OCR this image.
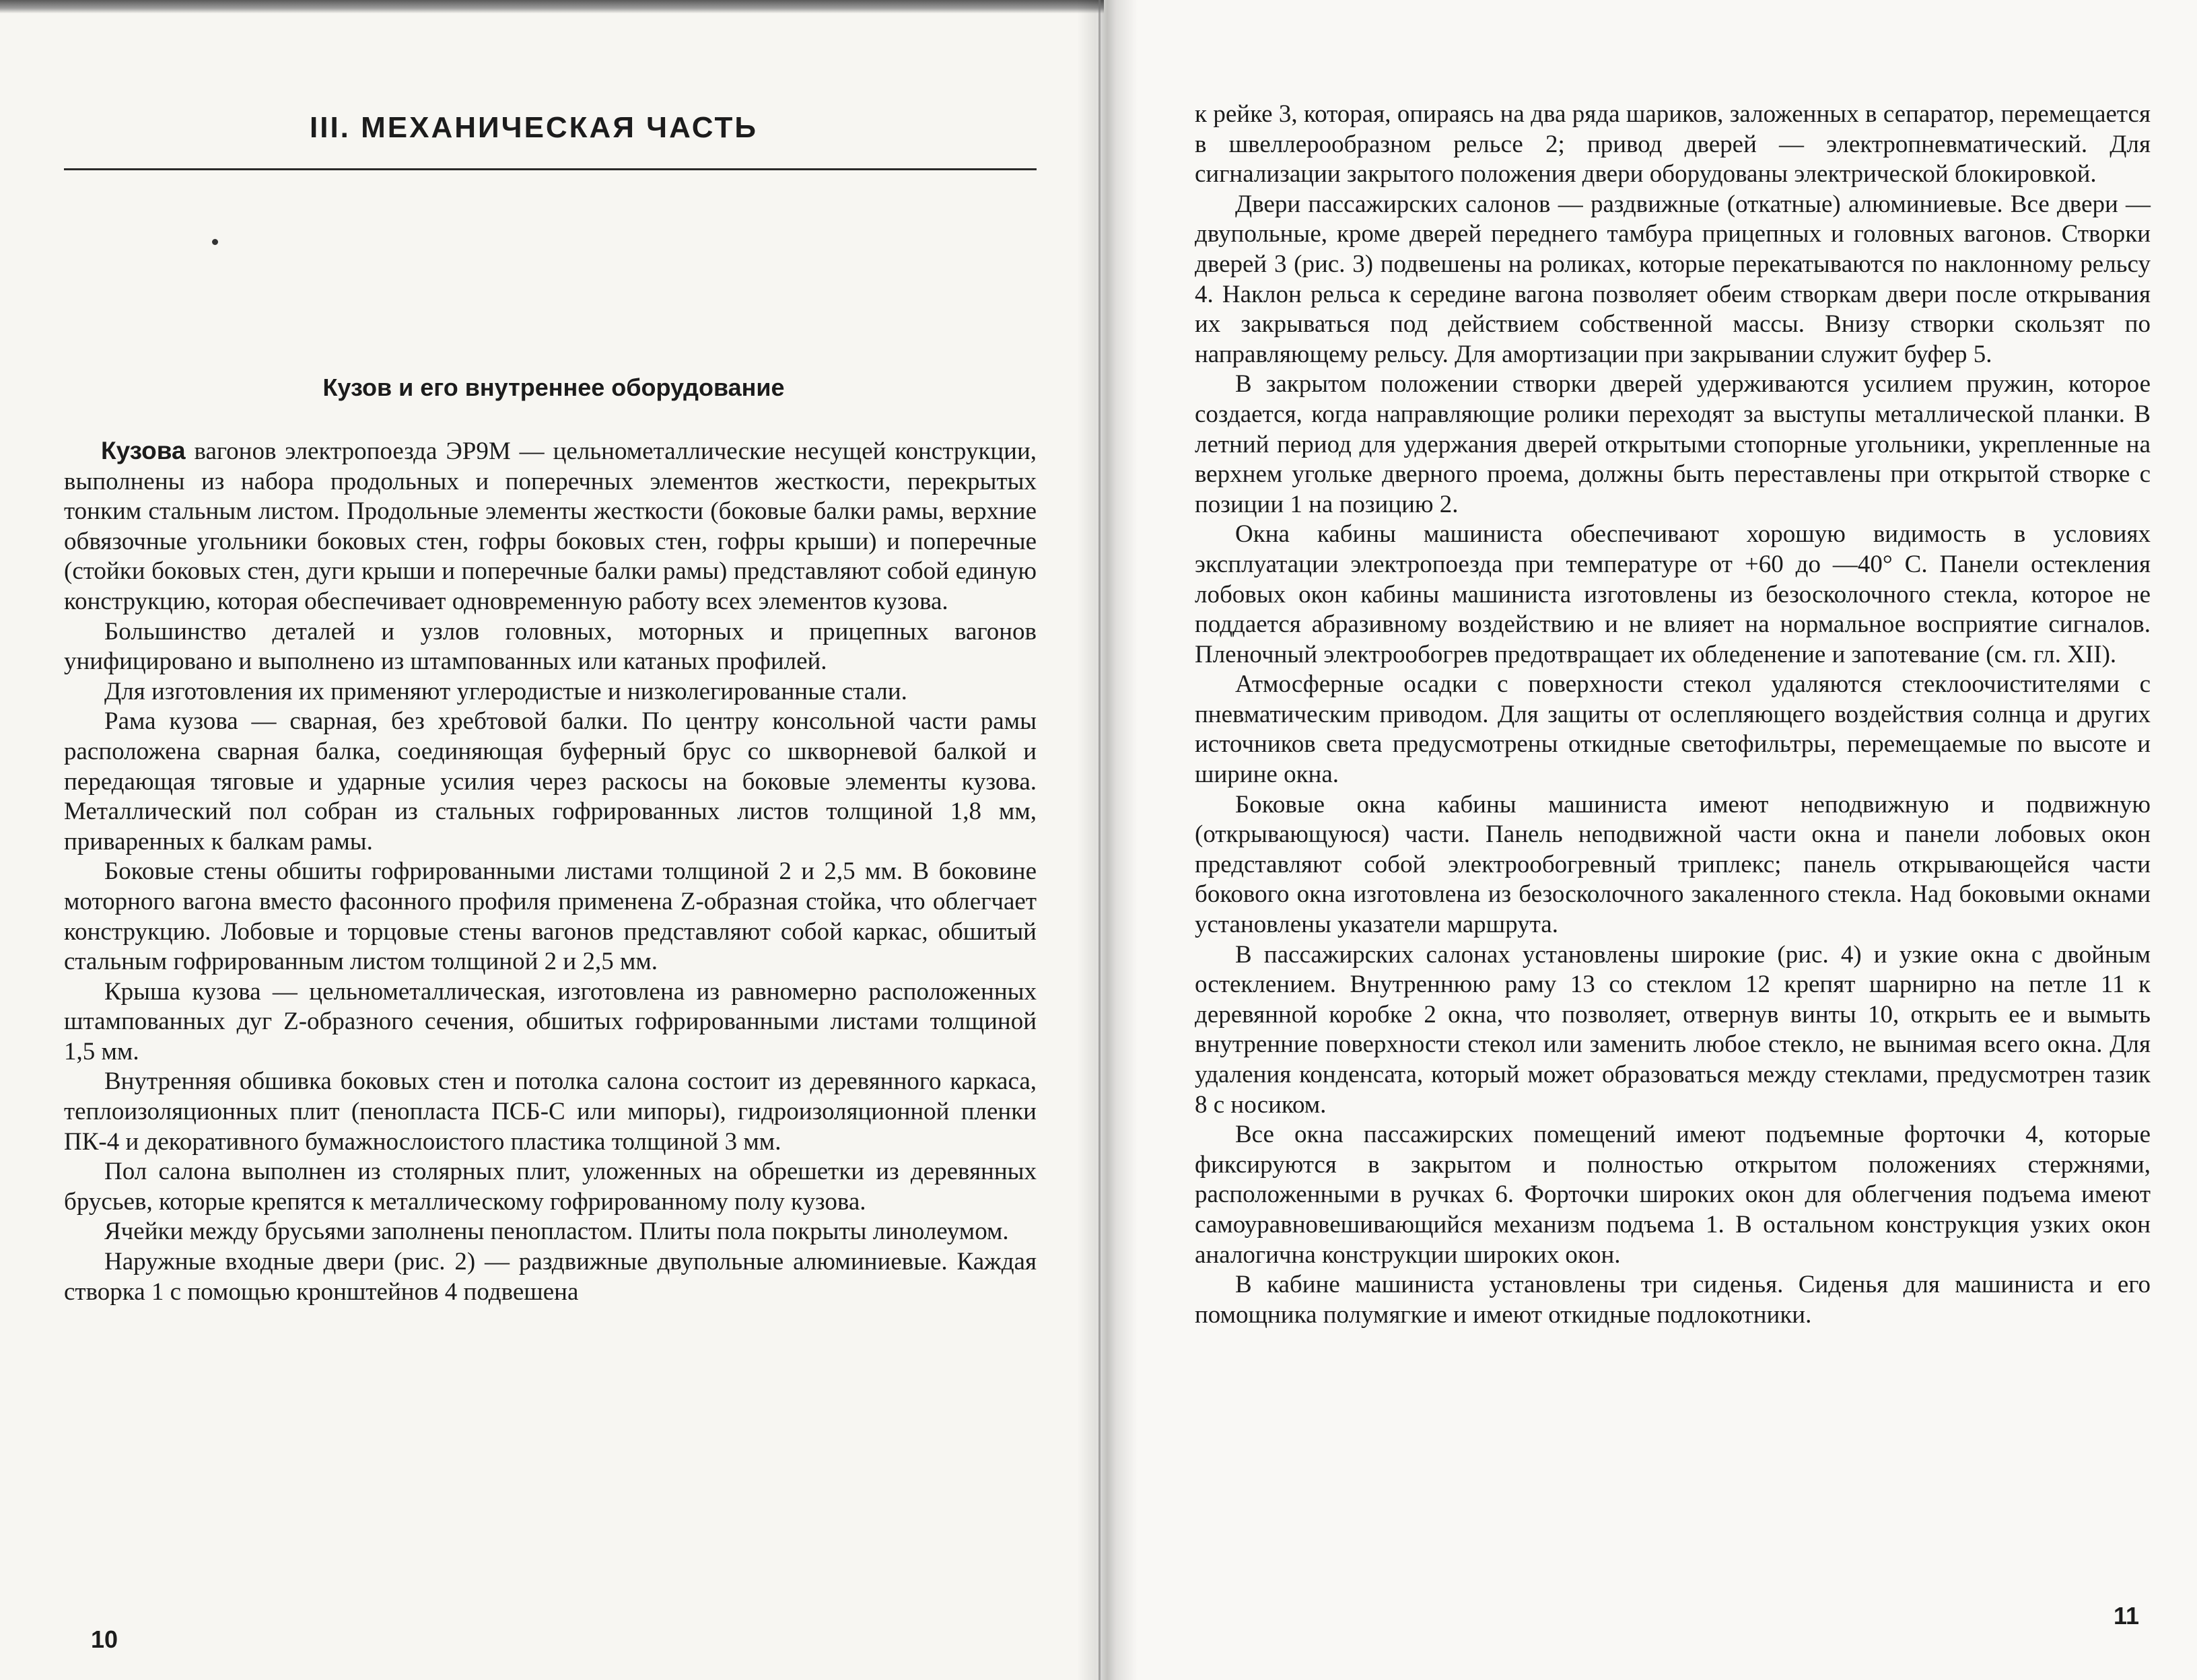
III. МЕХАНИЧЕСКАЯ ЧАСТЬ
Кузов и его внутреннее оборудование

Кузова вагонов электропоезда ЭР9М — цельнометаллические несущей конструкции, выполнены из набора продольных и поперечных элементов жесткости, перекрытых тонким стальным листом. Продольные элементы жесткости (боковые балки рамы, верхние обвязочные угольники боковых стен, гофры боковых стен, гофры крыши) и поперечные (стойки боковых стен, дуги крыши и поперечные балки рамы) представляют собой единую конструкцию, которая обеспечивает одновременную работу всех элементов кузова.

Большинство деталей и узлов головных, моторных и прицепных вагонов унифицировано и выполнено из штампованных или катаных профилей.

Для изготовления их применяют углеродистые и низколегированные стали.

Рама кузова — сварная, без хребтовой балки. По центру консольной части рамы расположена сварная балка, соединяющая буферный брус со шкворневой балкой и передающая тяговые и ударные усилия через раскосы на боковые элементы кузова. Металлический пол собран из стальных гофрированных листов толщиной 1,8 мм, приваренных к балкам рамы.

Боковые стены обшиты гофрированными листами толщиной 2 и 2,5 мм. В боковине моторного вагона вместо фасонного профиля применена Z-образная стойка, что облегчает конструкцию. Лобовые и торцовые стены вагонов представляют собой каркас, обшитый стальным гофрированным листом толщиной 2 и 2,5 мм.

Крыша кузова — цельнометаллическая, изготовлена из равномерно расположенных штампованных дуг Z-образного сечения, обшитых гофрированными листами толщиной 1,5 мм.

Внутренняя обшивка боковых стен и потолка салона состоит из деревянного каркаса, теплоизоляционных плит (пенопласта ПСБ-С или мипоры), гидроизоляционной пленки ПК-4 и декоративного бумажнослоистого пластика толщиной 3 мм.

Пол салона выполнен из столярных плит, уложенных на обрешетки из деревянных брусьев, которые крепятся к металлическому гофрированному полу кузова.

Ячейки между брусьями заполнены пенопластом. Плиты пола покрыты линолеумом.

Наружные входные двери (рис. 2) — раздвижные двупольные алюминиевые. Каждая створка 1 с помощью кронштейнов 4 подвешена

10

к рейке 3, которая, опираясь на два ряда шариков, заложенных в сепаратор, перемещается в швеллерообразном рельсе 2; привод дверей — электропневматический. Для сигнализации закрытого положения двери оборудованы электрической блокировкой.

Двери пассажирских салонов — раздвижные (откатные) алюминиевые. Все двери — двупольные, кроме дверей переднего тамбура прицепных и головных вагонов. Створки дверей 3 (рис. 3) подвешены на роликах, которые перекатываются по наклонному рельсу 4. Наклон рельса к середине вагона позволяет обеим створкам двери после открывания их закрываться под действием собственной массы. Внизу створки скользят по направляющему рельсу. Для амортизации при закрывании служит буфер 5.

В закрытом положении створки дверей удерживаются усилием пружин, которое создается, когда направляющие ролики переходят за выступы металлической планки. В летний период для удержания дверей открытыми стопорные угольники, укрепленные на верхнем угольке дверного проема, должны быть переставлены при открытой створке с позиции 1 на позицию 2.

Окна кабины машиниста обеспечивают хорошую видимость в условиях эксплуатации электропоезда при температуре от +60 до —40° С. Панели остекления лобовых окон кабины машиниста изготовлены из безосколочного стекла, которое не поддается абразивному воздействию и не влияет на нормальное восприятие сигналов. Пленочный электрообогрев предотвращает их обледенение и запотевание (см. гл. XII).

Атмосферные осадки с поверхности стекол удаляются стеклоочистителями с пневматическим приводом. Для защиты от ослепляющего воздействия солнца и других источников света предусмотрены откидные светофильтры, перемещаемые по высоте и ширине окна.

Боковые окна кабины машиниста имеют неподвижную и подвижную (открывающуюся) части. Панель неподвижной части окна и панели лобовых окон представляют собой электрообогревный триплекс; панель открывающейся части бокового окна изготовлена из безосколочного закаленного стекла. Над боковыми окнами установлены указатели маршрута.

В пассажирских салонах установлены широкие (рис. 4) и узкие окна с двойным остеклением. Внутреннюю раму 13 со стеклом 12 крепят шарнирно на петле 11 к деревянной коробке 2 окна, что позволяет, отвернув винты 10, открыть ее и вымыть внутренние поверхности стекол или заменить любое стекло, не вынимая всего окна. Для удаления конденсата, который может образоваться между стеклами, предусмотрен тазик 8 с носиком.

Все окна пассажирских помещений имеют подъемные форточки 4, которые фиксируются в закрытом и полностью открытом положениях стержнями, расположенными в ручках 6. Форточки широких окон для облегчения подъема имеют самоуравновешивающийся механизм подъема 1. В остальном конструкция узких окон аналогична конструкции широких окон.

В кабине машиниста установлены три сиденья. Сиденья для машиниста и его помощника полумягкие и имеют откидные подлокотники.

11
